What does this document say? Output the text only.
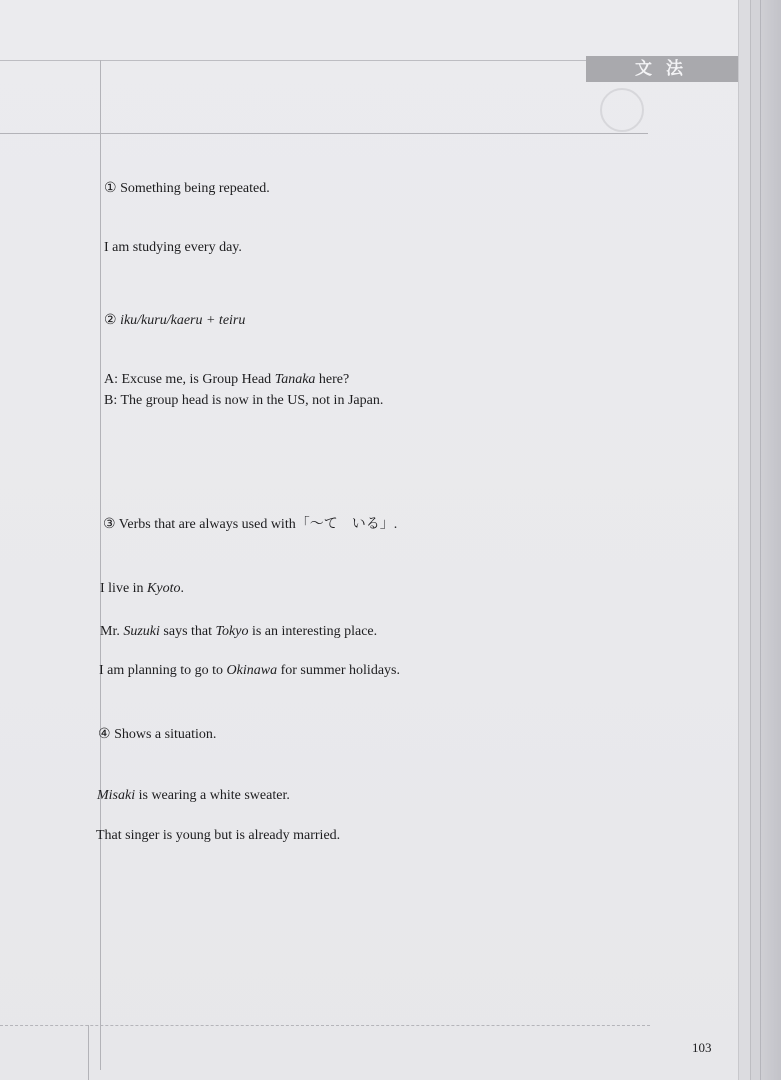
文法
① Something being repeated.
I am studying every day.
② iku/kuru/kaeru + teiru
A: Excuse me, is Group Head Tanaka here?
B: The group head is now in the US, not in Japan.
③ Verbs that are always used with「～て　いる」.
I live in Kyoto.
Mr. Suzuki says that Tokyo is an interesting place.
I am planning to go to Okinawa for summer holidays.
④ Shows a situation.
Misaki is wearing a white sweater.
That singer is young but is already married.
103
